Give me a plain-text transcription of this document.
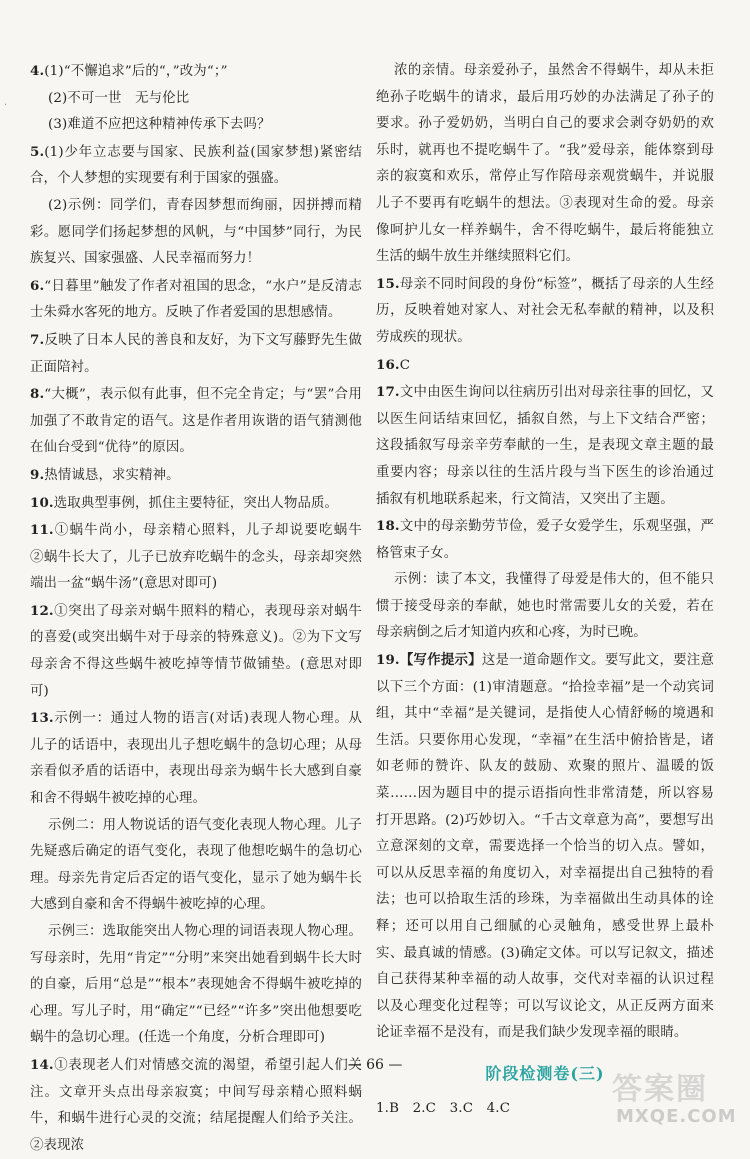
·

4.(1)“不懈追求”后的“，”改为“；”

(2)不可一世　无与伦比

(3)难道不应把这种精神传承下去吗？

5.(1)少年立志要与国家、民族利益(国家梦想)紧密结合，个人梦想的实现要有利于国家的强盛。

(2)示例：同学们，青春因梦想而绚丽，因拼搏而精彩。愿同学们扬起梦想的风帆，与“中国梦”同行，为民族复兴、国家强盛、人民幸福而努力！

6.“日暮里”触发了作者对祖国的思念，“水户”是反清志士朱舜水客死的地方。反映了作者爱国的思想感情。

7.反映了日本人民的善良和友好，为下文写藤野先生做正面陪衬。

8.“大概”，表示似有此事，但不完全肯定；与“罢”合用加强了不敢肯定的语气。这是作者用诙谐的语气猜测他在仙台受到“优待”的原因。

9.热情诚恳，求实精神。

10.选取典型事例，抓住主要特征，突出人物品质。

11.①蜗牛尚小，母亲精心照料，儿子却说要吃蜗牛　②蜗牛长大了，儿子已放弃吃蜗牛的念头，母亲却突然端出一盆“蜗牛汤”(意思对即可)

12.①突出了母亲对蜗牛照料的精心，表现母亲对蜗牛的喜爱(或突出蜗牛对于母亲的特殊意义)。②为下文写母亲舍不得这些蜗牛被吃掉等情节做铺垫。(意思对即可)

13.示例一：通过人物的语言(对话)表现人物心理。从儿子的话语中，表现出儿子想吃蜗牛的急切心理；从母亲看似矛盾的话语中，表现出母亲为蜗牛长大感到自豪和舍不得蜗牛被吃掉的心理。

示例二：用人物说话的语气变化表现人物心理。儿子先疑惑后确定的语气变化，表现了他想吃蜗牛的急切心理。母亲先肯定后否定的语气变化，显示了她为蜗牛长大感到自豪和舍不得蜗牛被吃掉的心理。

示例三：选取能突出人物心理的词语表现人物心理。写母亲时，先用“肯定”“分明”来突出她看到蜗牛长大时的自豪，后用“总是”“根本”表现她舍不得蜗牛被吃掉的心理。写儿子时，用“确定”“已经”“许多”突出他想要吃蜗牛的急切心理。(任选一个角度，分析合理即可)

14.①表现老人们对情感交流的渴望，希望引起人们关注。文章开头点出母亲寂寞；中间写母亲精心照料蜗牛，和蜗牛进行心灵的交流；结尾提醒人们给予关注。②表现浓

浓的亲情。母亲爱孙子，虽然舍不得蜗牛，却从未拒绝孙子吃蜗牛的请求，最后用巧妙的办法满足了孙子的要求。孙子爱奶奶，当明白自己的要求会剥夺奶奶的欢乐时，就再也不提吃蜗牛了。“我”爱母亲，能体察到母亲的寂寞和欢乐，常停止写作陪母亲观赏蜗牛，并说服儿子不要再有吃蜗牛的想法。③表现对生命的爱。母亲像呵护儿女一样养蜗牛，舍不得吃蜗牛，最后将能独立生活的蜗牛放生并继续照料它们。

15.母亲不同时间段的身份“标签”，概括了母亲的人生经历，反映着她对家人、对社会无私奉献的精神，以及积劳成疾的现状。

16.C

17.文中由医生询问以往病历引出对母亲往事的回忆，又以医生问话结束回忆，插叙自然，与上下文结合严密；这段插叙写母亲辛劳奉献的一生，是表现文章主题的最重要内容；母亲以往的生活片段与当下医生的诊治通过插叙有机地联系起来，行文简洁，又突出了主题。

18.文中的母亲勤劳节俭，爱子女爱学生，乐观坚强，严格管束子女。

示例：读了本文，我懂得了母爱是伟大的，但不能只惯于接受母亲的奉献，她也时常需要儿女的关爱，若在母亲病倒之后才知道内疚和心疼，为时已晚。

19.【写作提示】这是一道命题作文。要写此文，要注意以下三个方面：(1)审清题意。“拾捡幸福”是一个动宾词组，其中“幸福”是关键词，是指使人心情舒畅的境遇和生活。只要你用心发现，“幸福”在生活中俯拾皆是，诸如老师的赞许、队友的鼓励、欢聚的照片、温暖的饭菜……因为题目中的提示语指向性非常清楚，所以容易打开思路。(2)巧妙切入。“千古文章意为高”，要想写出立意深刻的文章，需要选择一个恰当的切入点。譬如，可以从反思幸福的角度切入，对幸福提出自己独特的看法；也可以拾取生活的珍珠，为幸福做出生动具体的诠释；还可以用自己细腻的心灵触角，感受世界上最朴实、最真诚的情感。(3)确定文体。可以写记叙文，描述自己获得某种幸福的动人故事，交代对幸福的认识过程以及心理变化过程等；可以写议论文，从正反两方面来论证幸福不是没有，而是我们缺少发现幸福的眼睛。

阶段检测卷(三)

1.B　2.C　3.C　4.C

— 66 —
答案圈
MXQE.COM
